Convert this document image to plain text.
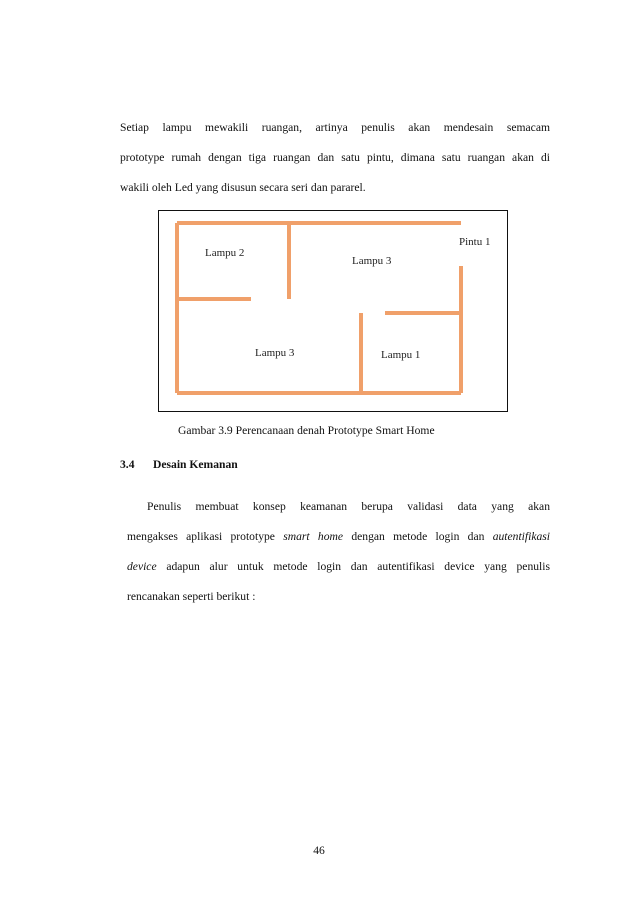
Setiap lampu mewakili ruangan, artinya penulis akan mendesain semacam
prototype rumah dengan tiga ruangan dan satu pintu, dimana satu ruangan akan di
wakili oleh Led yang disusun secara seri dan pararel.
Lampu 2
Lampu 3
Pintu 1
Lampu 3	Lampu 1
Gambar 3.9 Perencanaan denah Prototype Smart Home
3.4 Desain Kemanan
Penulis membuat konsep keamanan berupa validasi data yang akan
mengakses aplikasi prototype smart home dengan metode login dan autentifikasi
device adapun alur untuk metode login dan autentifikasi device yang penulis
rencanakan seperti berikut :
46
